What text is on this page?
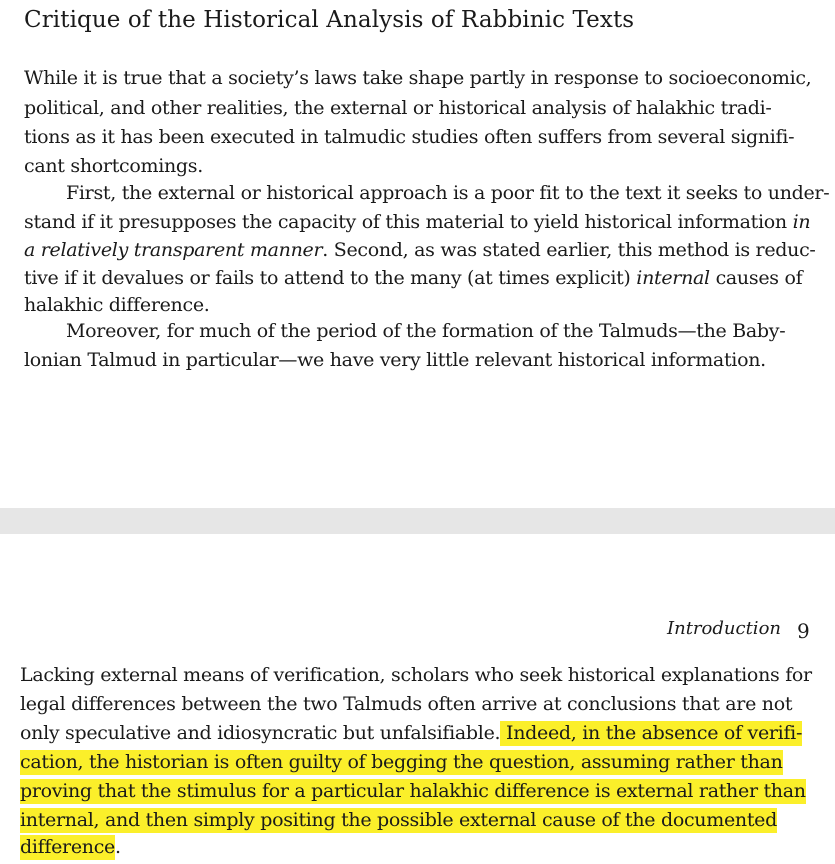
Critique of the Historical Analysis of Rabbinic Texts
While it is true that a society’s laws take shape partly in response to socioeconomic,
political, and other realities, the external or historical analysis of halakhic tradi-
tions as it has been executed in talmudic studies often suffers from several signifi-
cant shortcomings.
First, the external or historical approach is a poor fit to the text it seeks to under-
stand if it presupposes the capacity of this material to yield historical information in
a relatively transparent manner. Second, as was stated earlier, this method is reduc-
tive if it devalues or fails to attend to the many (at times explicit) internal causes of
halakhic difference.
Moreover, for much of the period of the formation of the Talmuds—the Baby-
lonian Talmud in particular—we have very little relevant historical information.
Introduction 9
Lacking external means of verification, scholars who seek historical explanations for
legal differences between the two Talmuds often arrive at conclusions that are not
only speculative and idiosyncratic but unfalsifiable. Indeed, in the absence of verifi-
cation, the historian is often guilty of begging the question, assuming rather than
proving that the stimulus for a particular halakhic difference is external rather than
internal, and then simply positing the possible external cause of the documented
difference.
